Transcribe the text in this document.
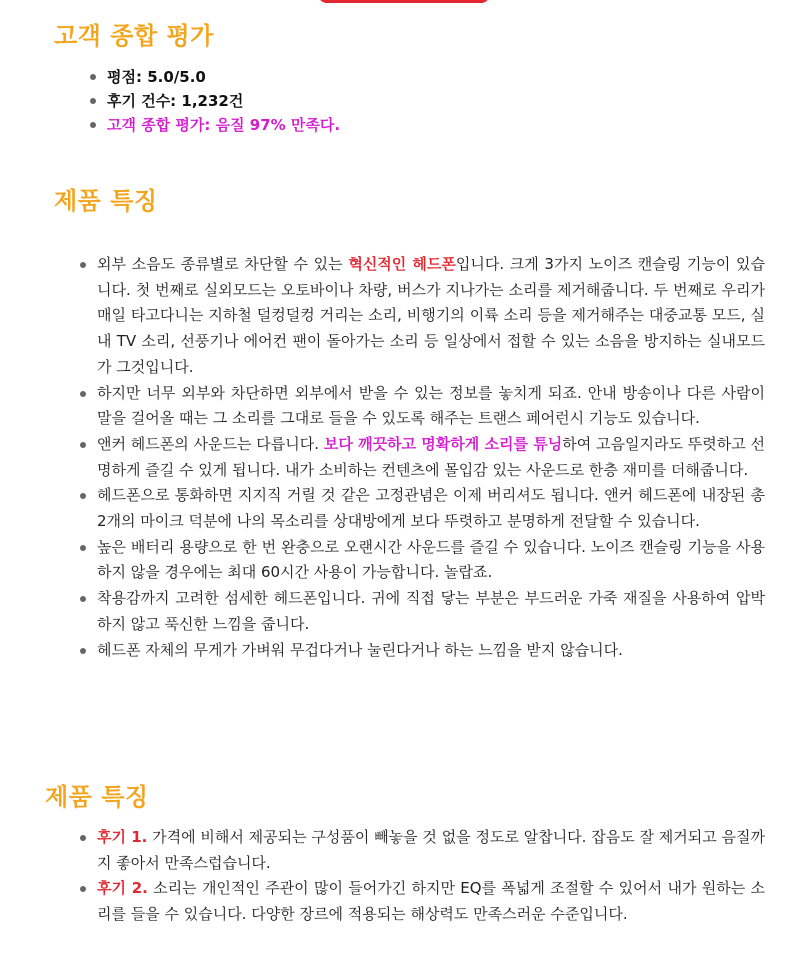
고객 종합 평가
평점: 5.0/5.0
후기 건수: 1,232건
고객 종합 평가: 음질 97% 만족다.
제품 특징
외부 소음도 종류별로 차단할 수 있는 혁신적인 헤드폰입니다. 크게 3가지 노이즈 캔슬링 기능이 있습니다. 첫 번째로 실외모드는 오토바이나 차량, 버스가 지나가는 소리를 제거해줍니다. 두 번째로 우리가 매일 타고다니는 지하철 덜컹덜컹 거리는 소리, 비행기의 이륙 소리 등을 제거해주는 대중교통 모드, 실내 TV 소리, 선풍기나 에어컨 팬이 돌아가는 소리 등 일상에서 접할 수 있는 소음을 방지하는 실내모드가 그것입니다.
하지만 너무 외부와 차단하면 외부에서 받을 수 있는 정보를 놓치게 되죠. 안내 방송이나 다른 사람이 말을 걸어올 때는 그 소리를 그대로 들을 수 있도록 해주는 트랜스 페어런시 기능도 있습니다.
앤커 헤드폰의 사운드는 다릅니다. 보다 깨끗하고 명확하게 소리를 튜닝하여 고음일지라도 뚜렷하고 선명하게 즐길 수 있게 됩니다. 내가 소비하는 컨텐츠에 몰입감 있는 사운드로 한층 재미를 더해줍니다.
헤드폰으로 통화하면 지지직 거릴 것 같은 고정관념은 이제 버리셔도 됩니다. 앤커 헤드폰에 내장된 총 2개의 마이크 덕분에 나의 목소리를 상대방에게 보다 뚜렷하고 분명하게 전달할 수 있습니다.
높은 배터리 용량으로 한 번 완충으로 오랜시간 사운드를 즐길 수 있습니다. 노이즈 캔슬링 기능을 사용하지 않을 경우에는 최대 60시간 사용이 가능합니다. 놀랍죠.
착용감까지 고려한 섬세한 헤드폰입니다. 귀에 직접 닿는 부분은 부드러운 가죽 재질을 사용하여 압박하지 않고 푹신한 느낌을 줍니다.
헤드폰 자체의 무게가 가벼워 무겁다거나 눌린다거나 하는 느낌을 받지 않습니다.
제품 특징
후기 1. 가격에 비해서 제공되는 구성품이 빼놓을 것 없을 정도로 알찹니다. 잡음도 잘 제거되고 음질까지 좋아서 만족스럽습니다.
후기 2. 소리는 개인적인 주관이 많이 들어가긴 하지만 EQ를 폭넓게 조절할 수 있어서 내가 원하는 소리를 들을 수 있습니다. 다양한 장르에 적용되는 해상력도 만족스러운 수준입니다.
